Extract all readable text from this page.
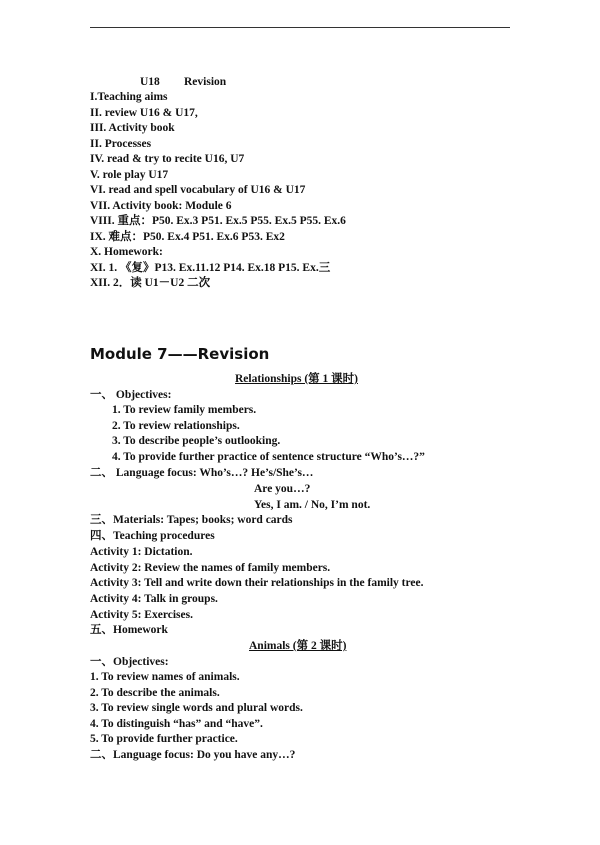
U18 Revision
I.Teaching aims
II. review U16 & U17,
III. Activity book
II. Processes
IV. read & try to recite U16, U7
V. role play U17
VI. read and spell vocabulary of U16 & U17
VII. Activity book: Module 6
VIII. 重点：P50. Ex.3 P51. Ex.5 P55. Ex.5 P55. Ex.6
IX. 难点：P50. Ex.4 P51. Ex.6 P53. Ex2
X. Homework:
XI. 1. 《复》P13. Ex.11.12 P14. Ex.18 P15. Ex.三
XII. 2．读 U1－U2 二次
Module 7——Revision
Relationships (第 1 课时)
一、 Objectives:
1. To review family members.
2. To review relationships.
3. To describe people’s outlooking.
4. To provide further practice of sentence structure “Who’s…?”
二、 Language focus: Who’s…? He’s/She’s…
Are you…?
Yes, I am. / No, I’m not.
三、Materials: Tapes; books; word cards
四、Teaching procedures
Activity 1: Dictation.
Activity 2: Review the names of family members.
Activity 3: Tell and write down their relationships in the family tree.
Activity 4: Talk in groups.
Activity 5: Exercises.
五、Homework
Animals (第 2 课时)
一、Objectives:
1. To review names of animals.
2. To describe the animals.
3. To review single words and plural words.
4. To distinguish “has” and “have”.
5. To provide further practice.
二、Language focus: Do you have any…?
